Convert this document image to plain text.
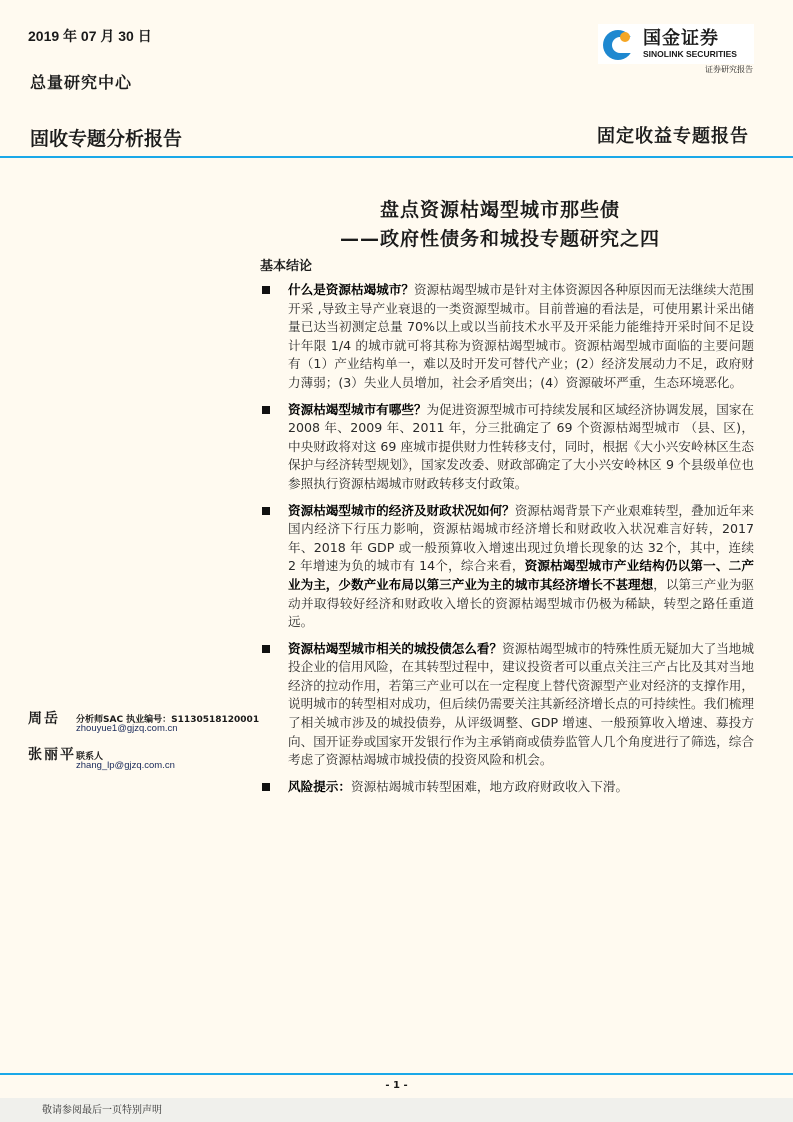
2019 年 07 月 30 日
总量研究中心
国金证券
SINOLINK SECURITIES
证券研究报告
固收专题分析报告	固定收益专题报告
盘点资源枯竭型城市那些债
——政府性债务和城投专题研究之四
基本结论
什么是资源枯竭城市？资源枯竭型城市是针对主体资源因各种原因而无法继续大范围开采 ,导致主导产业衰退的一类资源型城市。目前普遍的看法是，可使用累计采出储量已达当初测定总量 70%以上或以当前技术水平及开采能力能维持开采时间不足设计年限 1/4 的城市就可将其称为资源枯竭型城市。资源枯竭型城市面临的主要问题有（1）产业结构单一，难以及时开发可替代产业；(2）经济发展动力不足，政府财力薄弱；(3）失业人员增加，社会矛盾突出；(4）资源破坏严重，生态环境恶化。
资源枯竭型城市有哪些？为促进资源型城市可持续发展和区域经济协调发展，国家在 2008 年、2009 年、2011 年，分三批确定了 69 个资源枯竭型城市 （县、区)，中央财政将对这 69 座城市提供财力性转移支付，同时，根据《大小兴安岭林区生态保护与经济转型规划》，国家发改委、财政部确定了大小兴安岭林区 9 个县级单位也参照执行资源枯竭城市财政转移支付政策。
资源枯竭型城市的经济及财政状况如何？资源枯竭背景下产业艰难转型，叠加近年来国内经济下行压力影响，资源枯竭城市经济增长和财政收入状况难言好转，2017 年、2018 年 GDP 或一般预算收入增速出现过负增长现象的达 32个，其中，连续 2 年增速为负的城市有 14个，综合来看，资源枯竭型城市产业结构仍以第一、二产业为主，少数产业布局以第三产业为主的城市其经济增长不甚理想，以第三产业为驱动并取得较好经济和财政收入增长的资源枯竭型城市仍极为稀缺，转型之路任重道远。
资源枯竭型城市相关的城投债怎么看？资源枯竭型城市的特殊性质无疑加大了当地城投企业的信用风险，在其转型过程中，建议投资者可以重点关注三产占比及其对当地经济的拉动作用，若第三产业可以在一定程度上替代资源型产业对经济的支撑作用，说明城市的转型相对成功，但后续仍需要关注其新经济增长点的可持续性。我们梳理了相关城市涉及的城投债券，从评级调整、GDP 增速、一般预算收入增速、募投方向、国开证券或国家开发银行作为主承销商或债券监管人几个角度进行了筛选，综合考虑了资源枯竭城市城投债的投资风险和机会。
风险提示：资源枯竭城市转型困难，地方政府财政收入下滑。
周岳 分析师SAC 执业编号：S1130518120001
zhouyue1@gjzq.com.cn
张丽平 联系人
zhang_lp@gjzq.com.cn
- 1 -
敬请参阅最后一页特别声明
